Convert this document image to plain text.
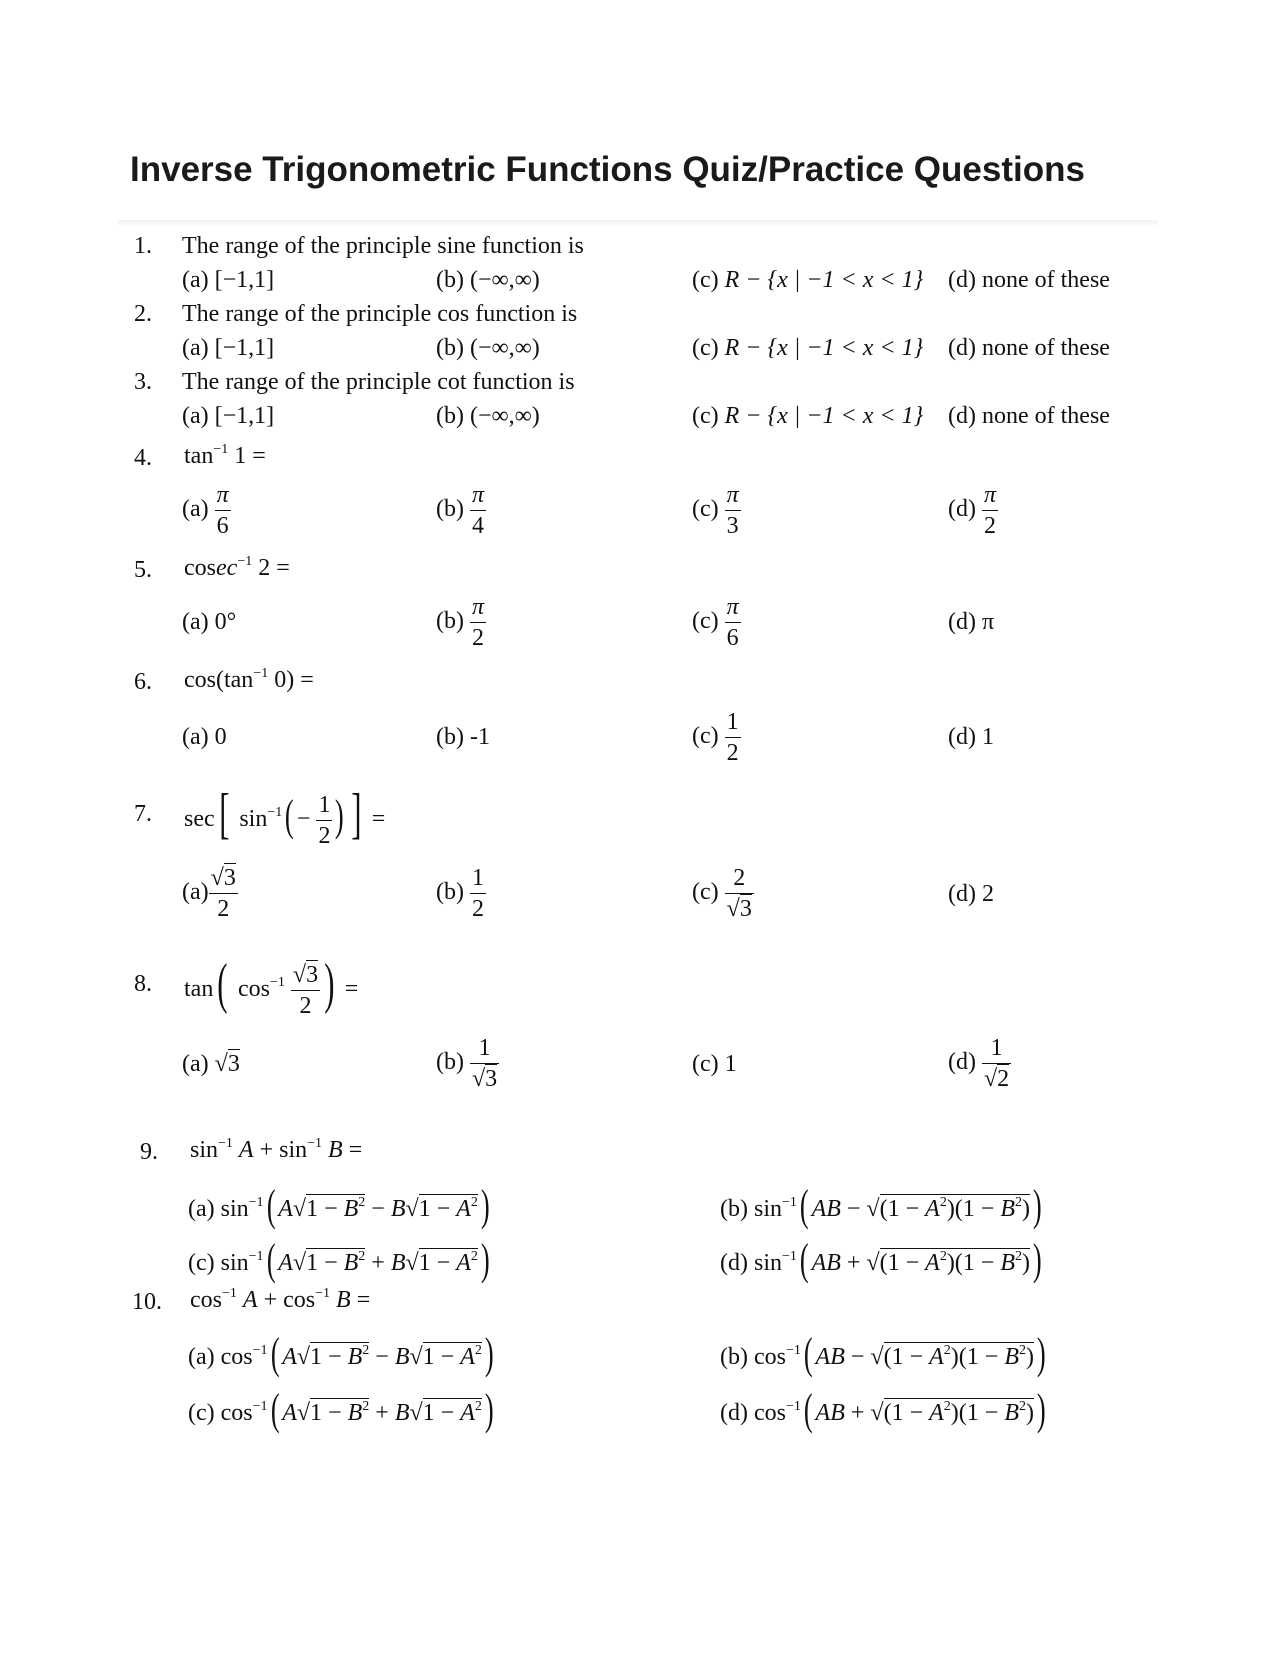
Inverse Trigonometric Functions Quiz/Practice Questions
1. The range of the principle sine function is
(a) [−1,1]	(b) (−∞,∞)	(c) R − {x | −1 < x < 1} (d) none of these
2. The range of the principle cos function is
(a) [−1,1]	(b) (−∞,∞)	(c) R − {x | −1 < x < 1} (d) none of these
3. The range of the principle cot function is
(a) [−1,1]	(b) (−∞,∞)	(c) R − {x | −1 < x < 1} (d) none of these
4. $\tan^{-1} 1$ =
$(a) \frac{\pi}{6}$	$(b) \frac{\pi}{4}$	$(c) \frac{\pi}{3}$	$(d) \frac{\pi}{2}$
5. cosec$^{-1}$ 2 =
(a) 0°	$(b) \frac{\pi}{2}$	$(c) \frac{\pi}{6}$	(d) π
6. $\cos(\tan^{-1}$ 0) =
(a) 0	(b) -1	$(c) \frac{1}{2}$	(d) 1
7. sec[ $\sin^{-1}( - \frac{1}{2}$ ) ] =
$(a) \frac{√3}{2}$	$(b) \frac{1}{2}$	$(c) \frac{2}{√3}$	(d) 2
8. tan( $\cos^{-1} \frac{√3}{2}$ ) =
(a) √3	$(b) \frac{1}{√3}$	(c) 1	$(d) \frac{1}{√2}$
9. $\sin^{-1} A + \sin^{-1} B$ =
(a) $\sin^{-1}$( $A√1 - B^2 - B√1 - A^2$)	(b) $\sin^{-1}$( AB − $√(1 - A^2)(1 - B^2)$)
(c) $\sin^{-1}$( $A√1 - B^2 + B√1 - A^2$)	(d) $\sin^{-1}$( AB + $√(1 - A^2)(1 - B^2)$)
10. $\cos^{-1} A + \cos^{-1} B$ =
(a) $\cos^{-1}$( $A√1 - B^2 - B√1 - A^2$)	(b) $\cos^{-1}$( AB − $√(1 - A^2)(1 - B^2)$)
(c) $\cos^{-1}$( $A√1 - B^2 + B√1 - A^2$)	(d) $\cos^{-1}$( AB + $√(1 - A^2)(1 - B^2)$)
